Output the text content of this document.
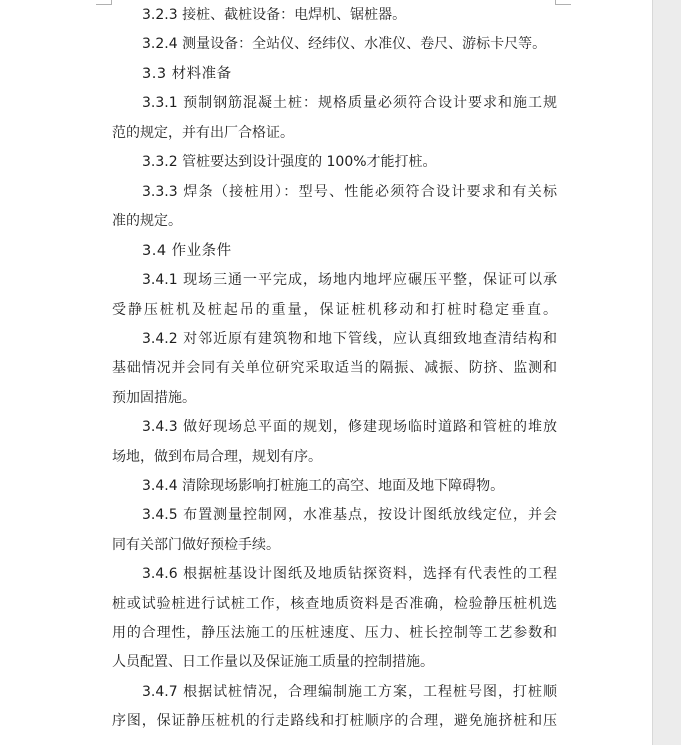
3.2.3 接桩、截桩设备：电焊机、锯桩器。
3.2.4 测量设备：全站仪、经纬仪、水准仪、卷尺、游标卡尺等。
3.3 材料准备
3.3.1 预制钢筋混凝土桩：规格质量必须符合设计要求和施工规
范的规定，并有出厂合格证。
3.3.2 管桩要达到设计强度的 100%才能打桩。
3.3.3 焊条（接桩用）：型号、性能必须符合设计要求和有关标
准的规定。
3.4 作业条件
3.4.1 现场三通一平完成，场地内地坪应碾压平整，保证可以承
受静压桩机及桩起吊的重量，保证桩机移动和打桩时稳定垂直。
3.4.2 对邻近原有建筑物和地下管线，应认真细致地查清结构和
基础情况并会同有关单位研究采取适当的隔振、减振、防挤、监测和
预加固措施。
3.4.3 做好现场总平面的规划，修建现场临时道路和管桩的堆放
场地，做到布局合理，规划有序。
3.4.4 清除现场影响打桩施工的高空、地面及地下障碍物。
3.4.5 布置测量控制网，水准基点，按设计图纸放线定位，并会
同有关部门做好预检手续。
3.4.6 根据桩基设计图纸及地质钻探资料，选择有代表性的工程
桩或试验桩进行试桩工作，核查地质资料是否准确，检验静压桩机选
用的合理性，静压法施工的压桩速度、压力、桩长控制等工艺参数和
人员配置、日工作量以及保证施工质量的控制措施。
3.4.7 根据试桩情况，合理编制施工方案，工程桩号图，打桩顺
序图，保证静压桩机的行走路线和打桩顺序的合理，避免施挤桩和压
